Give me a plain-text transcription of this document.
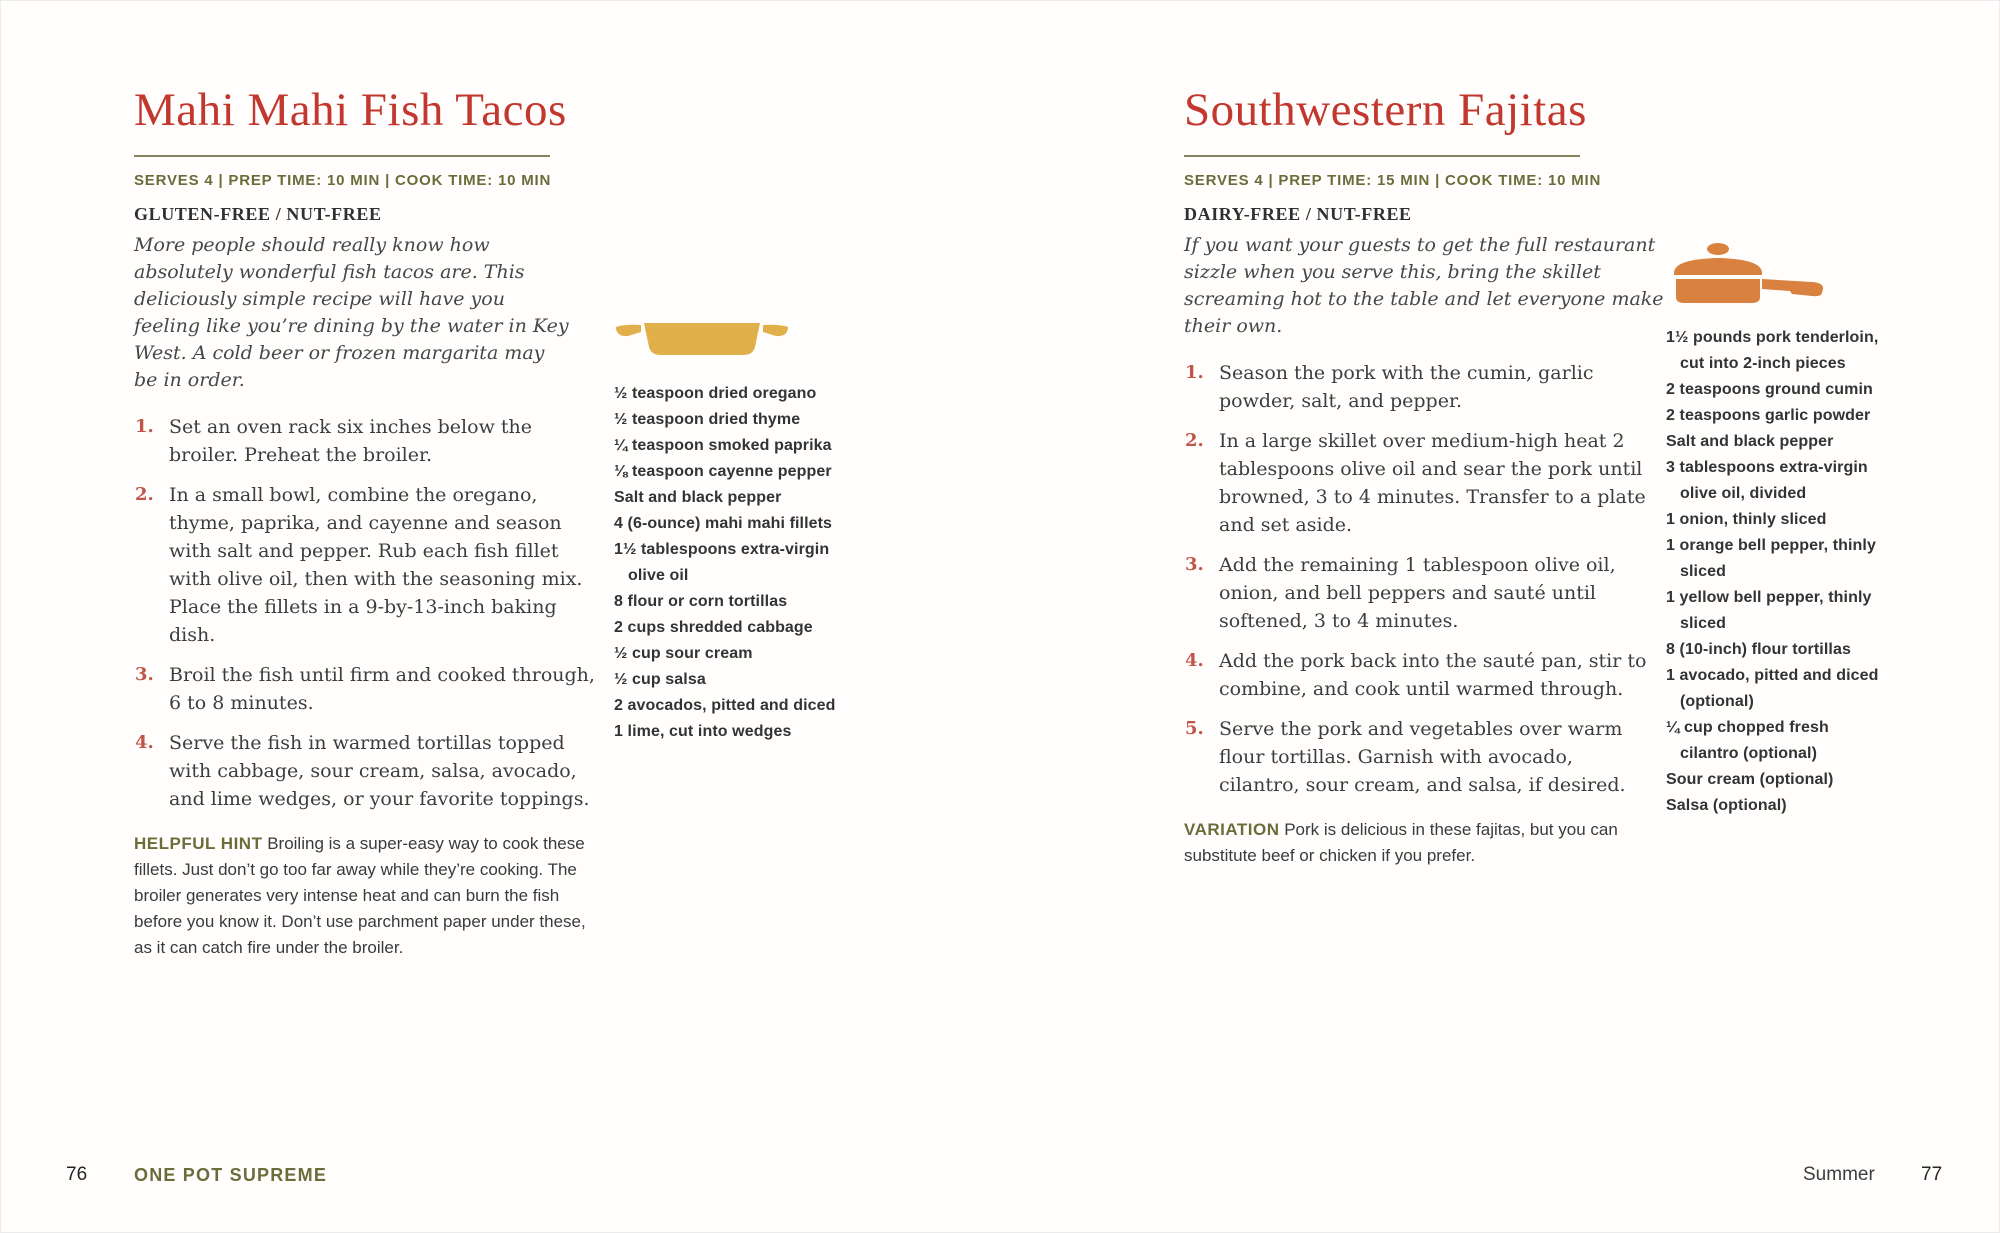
Mahi Mahi Fish Tacos
SERVES 4 | PREP TIME: 10 MIN | COOK TIME: 10 MIN
GLUTEN-FREE / NUT-FREE

More people should really know how absolutely wonderful fish tacos are. This deliciously simple recipe will have you feeling like you’re dining by the water in Key West. A cold beer or frozen margarita may be in order.

Set an oven rack six inches below the broiler. Preheat the broiler.
In a small bowl, combine the oregano, thyme, paprika, and cayenne and season with salt and pepper. Rub each fish fillet with olive oil, then with the seasoning mix. Place the fillets in a 9-by-13-inch baking dish.
Broil the fish until firm and cooked through, 6 to 8 minutes.
Serve the fish in warmed tortillas topped with cabbage, sour cream, salsa, avocado, and lime wedges, or your favorite toppings.

HELPFUL HINT Broiling is a super-easy way to cook these fillets. Just don’t go too far away while they’re cooking. The broiler generates very intense heat and can burn the fish before you know it. Don’t use parchment paper under these, as it can catch fire under the broiler.

½ teaspoon dried oregano
½ teaspoon dried thyme
¼ teaspoon smoked paprika
⅛ teaspoon cayenne pepper
Salt and black pepper
4 (6-ounce) mahi mahi fillets
1½ tablespoons extra-virgin olive oil
8 flour or corn tortillas
2 cups shredded cabbage
½ cup sour cream
½ cup salsa
2 avocados, pitted and diced
1 lime, cut into wedges
Southwestern Fajitas
SERVES 4 | PREP TIME: 15 MIN | COOK TIME: 10 MIN
DAIRY-FREE / NUT-FREE

If you want your guests to get the full restaurant sizzle when you serve this, bring the skillet screaming hot to the table and let everyone make their own.

Season the pork with the cumin, garlic powder, salt, and pepper.
In a large skillet over medium-high heat 2 tablespoons olive oil and sear the pork until browned, 3 to 4 minutes. Transfer to a plate and set aside.
Add the remaining 1 tablespoon olive oil, onion, and bell peppers and sauté until softened, 3 to 4 minutes.
Add the pork back into the sauté pan, stir to combine, and cook until warmed through.
Serve the pork and vegetables over warm flour tortillas. Garnish with avocado, cilantro, sour cream, and salsa, if desired.

VARIATION Pork is delicious in these fajitas, but you can substitute beef or chicken if you prefer.

1½ pounds pork tenderloin, cut into 2-inch pieces
2 teaspoons ground cumin
2 teaspoons garlic powder
Salt and black pepper
3 tablespoons extra-virgin olive oil, divided
1 onion, thinly sliced
1 orange bell pepper, thinly sliced
1 yellow bell pepper, thinly sliced
8 (10-inch) flour tortillas
1 avocado, pitted and diced (optional)
¼ cup chopped fresh cilantro (optional)
Sour cream (optional)
Salsa (optional)
76	ONE POT SUPREME	Summer 77
